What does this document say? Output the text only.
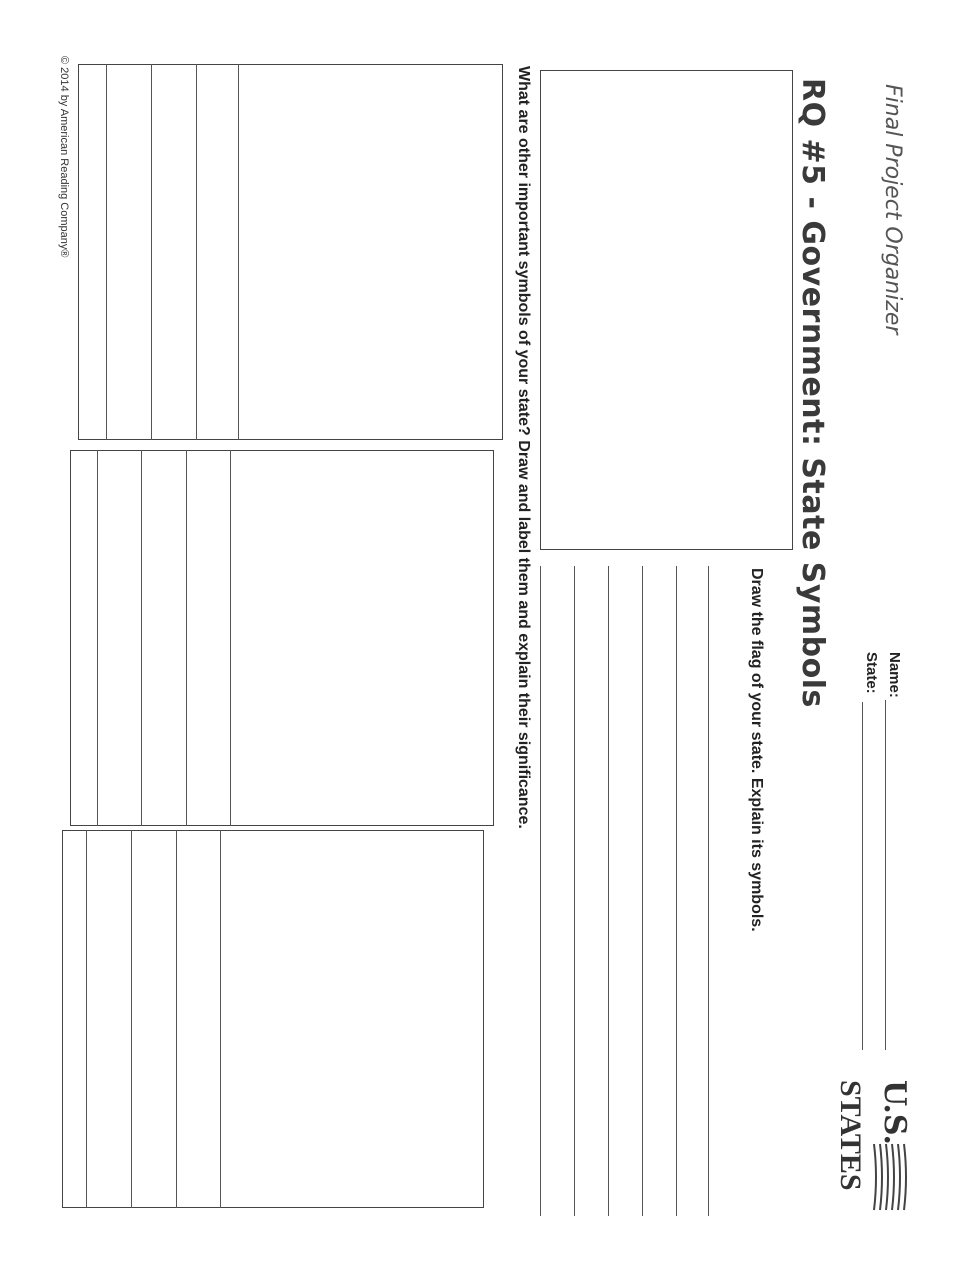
Final Project Organizer
RQ #5 - Government: State Symbols	Name:
State:
U.S.
STATES
Draw the flag of your state. Explain its symbols.
What are other important symbols of your state? Draw and label them and explain their significance.
© 2014 by American Reading Company®
